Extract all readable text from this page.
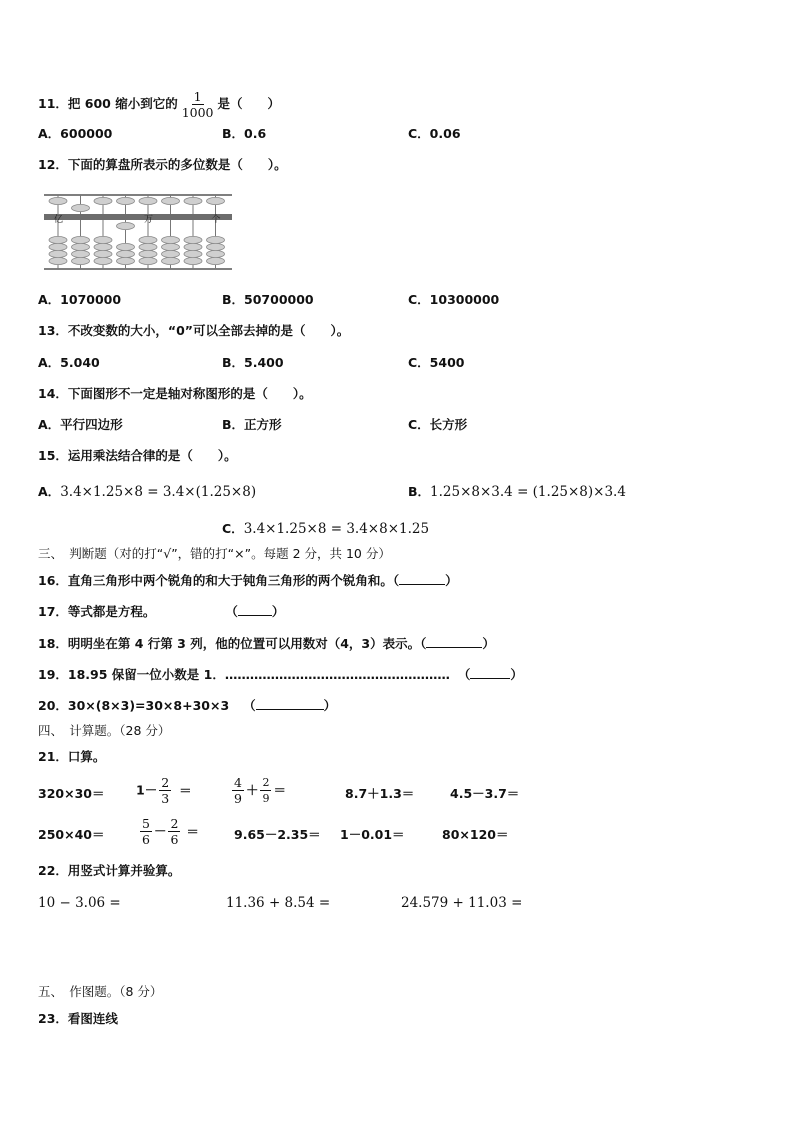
11．把 600 缩小到它的 $\frac{1}{1000}$ 是（　　）
A．600000	B．0.6	C．0.06
12．下面的算盘所表示的多位数是（　　）。
亿	万	个
A．1070000	B．50700000	C．10300000
13．不改变数的大小，“0”可以全部去掉的是（　　）。
A．5.040	B．5.400	C．5400
14．下面图形不一定是轴对称图形的是（　　）。
A．平行四边形	B．正方形	C．长方形
15．运用乘法结合律的是（　　）。
A．3.4×1.25×8 = 3.4×(1.25×8)	B．1.25×8×3.4 = (1.25×8)×3.4
C．3.4×1.25×8 = 3.4×8×1.25
三、　判断题（对的打“√”，错的打“×”。每题 2 分，共 10 分）
16．直角三角形中两个锐角的和大于钝角三角形的两个锐角和。（	）
17．等式都是方程。	（	）
18．明明坐在第 4 行第 3 列，他的位置可以用数对（4，3）表示。（	）
19．18.95 保留一位小数是 1．……………………………………………… （	）
20．30×(8×3)=30×8+30×3 （	）
四、　计算题。（28 分）
21．口算。
320×30＝	$1- \frac{2}{3}$ ＝	$\frac{4}{9} + \frac{2}{9}$ ＝	8.7＋1.3＝	4.5－3.7＝
250×40＝	$\frac{5}{6} - \frac{2}{6}$ ＝	9.65－2.35＝ 1－0.01＝	80×120＝
22．用竖式计算并验算。
10 − 3.06 =	11.36 + 8.54 =	24.579 + 11.03 =
五、　作图题。（8 分）
23．看图连线
